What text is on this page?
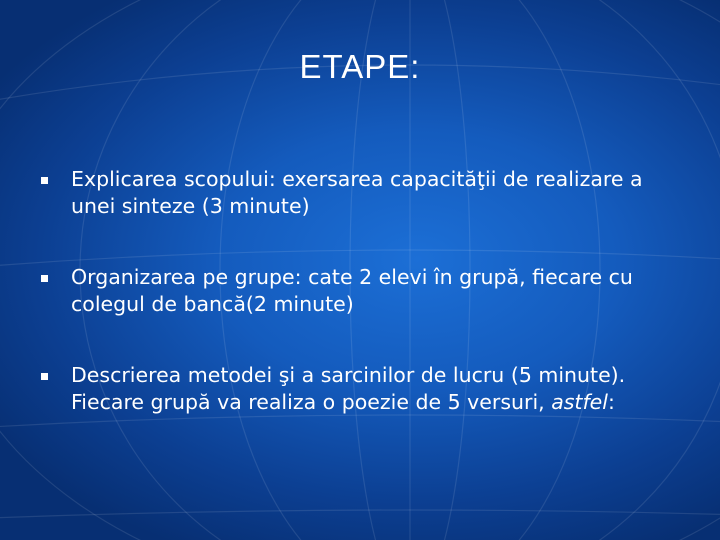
ETAPE:
Explicarea scopului: exersarea capacităţii de realizare a unei sinteze (3 minute)
Organizarea pe grupe: cate 2 elevi în grupă, fiecare cu colegul de bancă(2 minute)
Descrierea metodei şi a sarcinilor de lucru (5 minute). Fiecare grupă va realiza o poezie de 5 versuri, astfel:
